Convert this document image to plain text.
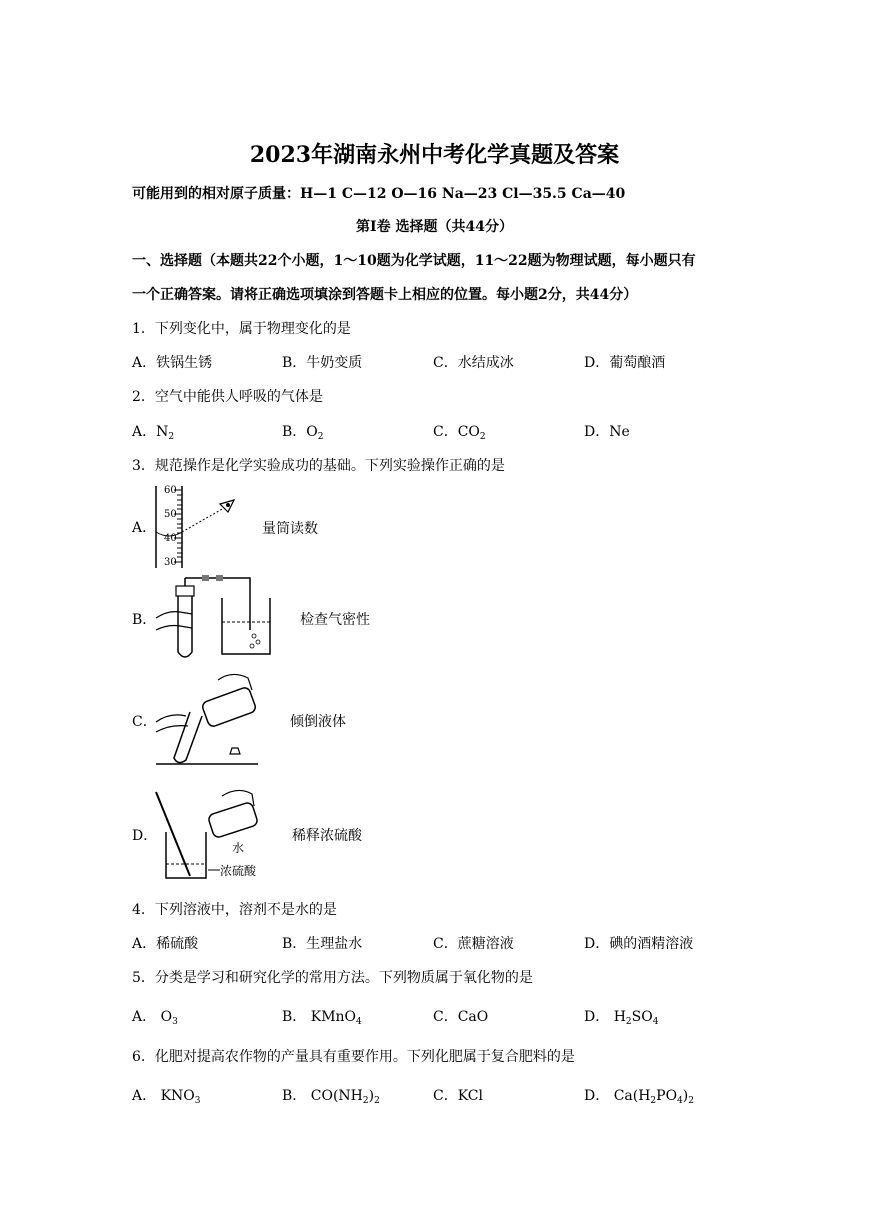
2023年湖南永州中考化学真题及答案
可能用到的相对原子质量：H—1 C—12 O—16 Na—23 Cl—35.5 Ca—40
第Ⅰ卷 选择题（共44分）
一、选择题（本题共22个小题，1～10题为化学试题，11～22题为物理试题，每小题只有
一个正确答案。请将正确选项填涂到答题卡上相应的位置。每小题2分，共44分）
1．下列变化中，属于物理变化的是
A．铁锅生锈	B．牛奶变质	C．水结成冰	D．葡萄酿酒
2．空气中能供人呼吸的气体是
A．$N_2$	B．$O_2$	C．$CO_2$	D．Ne
3．规范操作是化学实验成功的基础。下列实验操作正确的是
A．
60
50
40
30
量筒读数
B．	检查气密性
C．	倾倒液体
D．
水
浓硫酸
稀释浓硫酸
4．下列溶液中，溶剂不是水的是
A．稀硫酸	B．生理盐水	C．蔗糖溶液	D．碘的酒精溶液
5．分类是学习和研究化学的常用方法。下列物质属于氧化物的是
A． $O_3$	B． KMnO$_4$	C．CaO	D． $H_2SO_4$
6．化肥对提高农作物的产量具有重要作用。下列化肥属于复合肥料的是
A． $KNO_3$	B． $CO(NH_2)_2$	C．KCl	D． $Ca(H_2PO_4)_2$
